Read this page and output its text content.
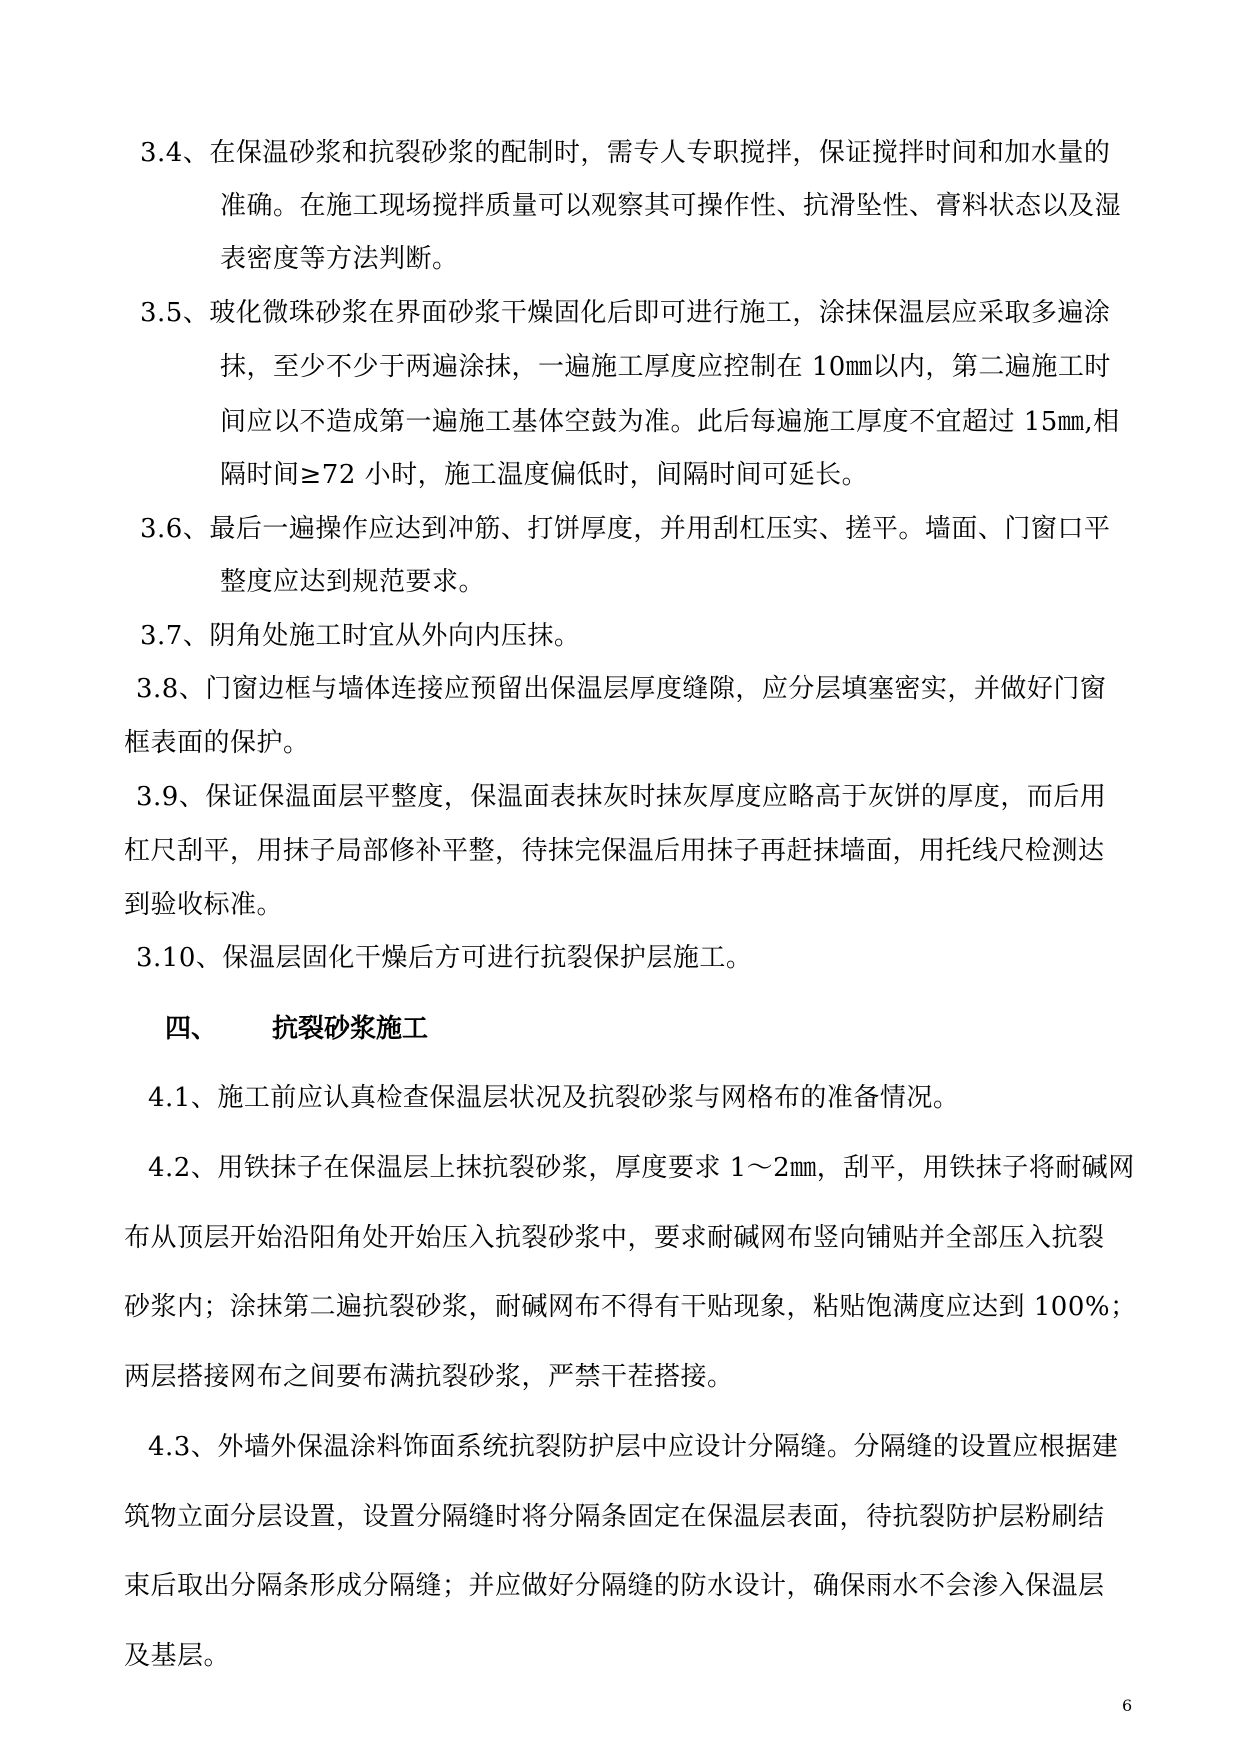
3.4、在保温砂浆和抗裂砂浆的配制时，需专人专职搅拌，保证搅拌时间和加水量的
准确。在施工现场搅拌质量可以观察其可操作性、抗滑坠性、膏料状态以及湿
表密度等方法判断。
3.5、玻化微珠砂浆在界面砂浆干燥固化后即可进行施工，涂抹保温层应采取多遍涂
抹，至少不少于两遍涂抹，一遍施工厚度应控制在 10㎜以内，第二遍施工时
间应以不造成第一遍施工基体空鼓为准。此后每遍施工厚度不宜超过 15㎜,相
隔时间≥72 小时，施工温度偏低时，间隔时间可延长。
3.6、最后一遍操作应达到冲筋、打饼厚度，并用刮杠压实、搓平。墙面、门窗口平
整度应达到规范要求。
3.7、阴角处施工时宜从外向内压抹。
3.8、门窗边框与墙体连接应预留出保温层厚度缝隙，应分层填塞密实，并做好门窗
框表面的保护。
3.9、保证保温面层平整度，保温面表抹灰时抹灰厚度应略高于灰饼的厚度，而后用
杠尺刮平，用抹子局部修补平整，待抹完保温后用抹子再赶抹墙面，用托线尺检测达
到验收标准。
3.10、保温层固化干燥后方可进行抗裂保护层施工。
四、 抗裂砂浆施工
4.1、施工前应认真检查保温层状况及抗裂砂浆与网格布的准备情况。
4.2、用铁抹子在保温层上抹抗裂砂浆，厚度要求 1～2㎜，刮平，用铁抹子将耐碱网
布从顶层开始沿阳角处开始压入抗裂砂浆中，要求耐碱网布竖向铺贴并全部压入抗裂
砂浆内；涂抹第二遍抗裂砂浆，耐碱网布不得有干贴现象，粘贴饱满度应达到 100%；
两层搭接网布之间要布满抗裂砂浆，严禁干茬搭接。
4.3、外墙外保温涂料饰面系统抗裂防护层中应设计分隔缝。分隔缝的设置应根据建
筑物立面分层设置，设置分隔缝时将分隔条固定在保温层表面，待抗裂防护层粉刷结
束后取出分隔条形成分隔缝；并应做好分隔缝的防水设计，确保雨水不会渗入保温层
及基层。
6
